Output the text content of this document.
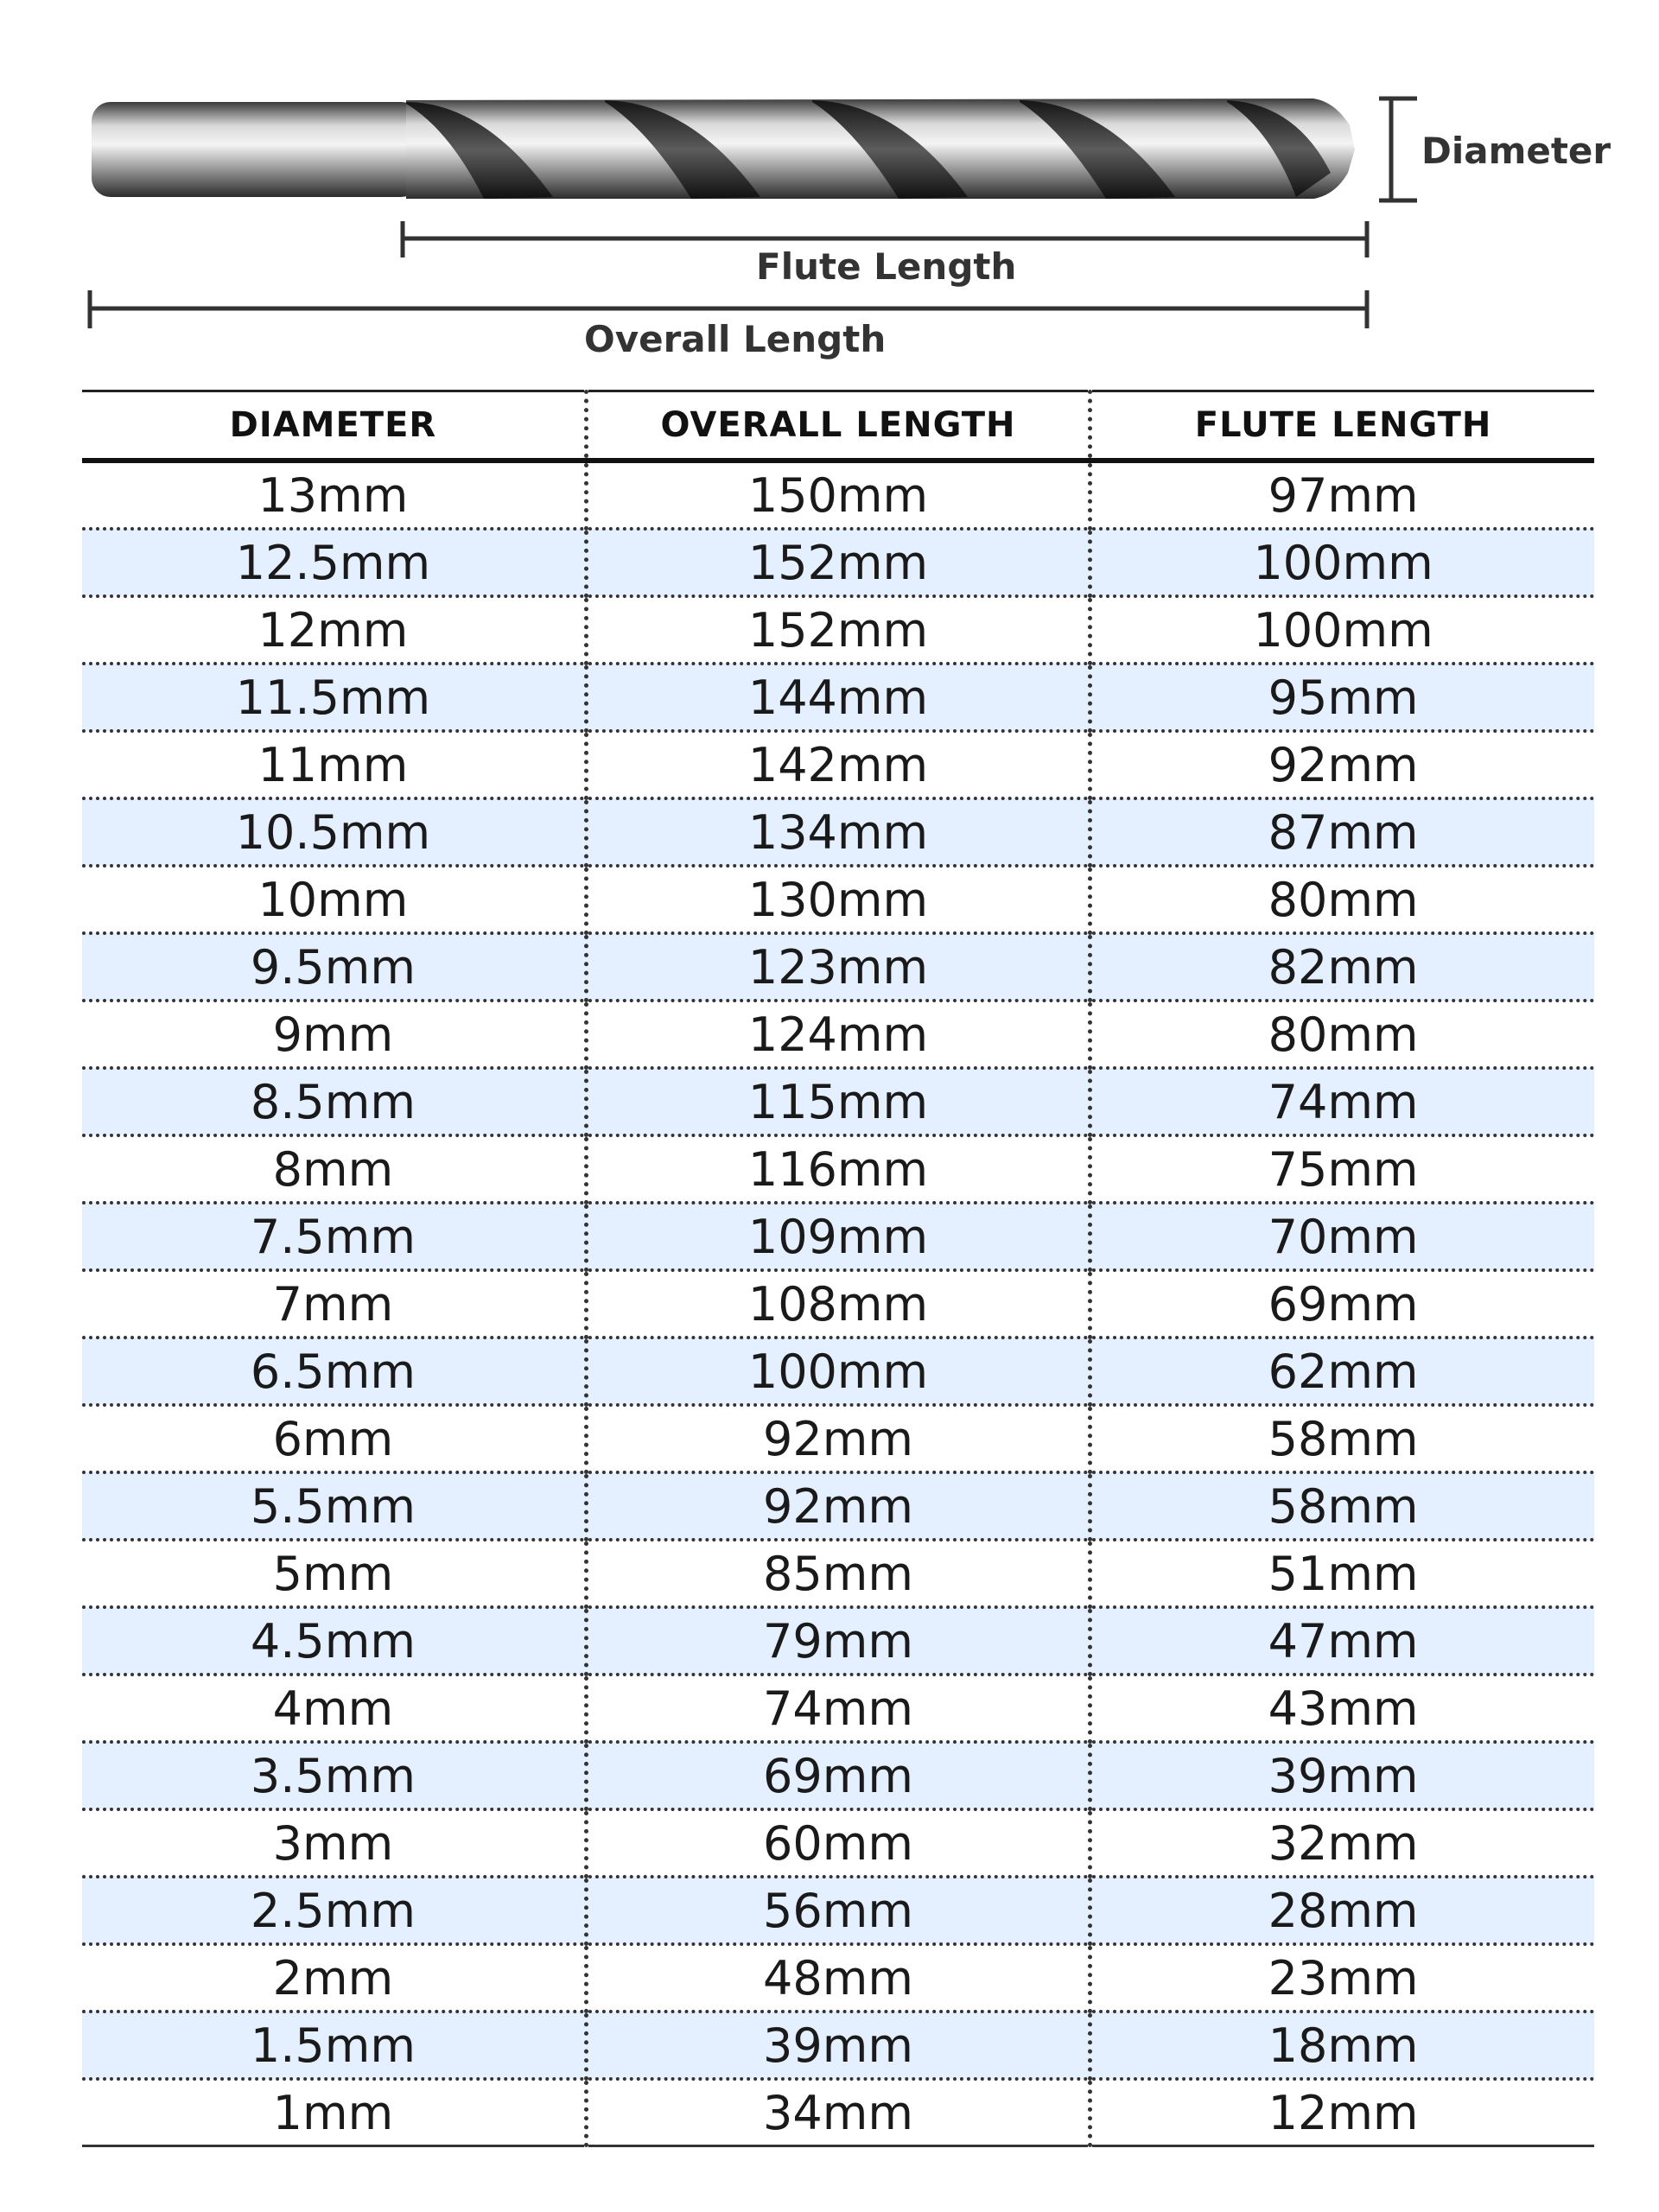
Diameter
Flute Length
Overall Length
DIAMETER	OVERALL LENGTH	FLUTE LENGTH
13mm	150mm	97mm
12.5mm	152mm	100mm
12mm	152mm	100mm
11.5mm	144mm	95mm
11mm	142mm	92mm
10.5mm	134mm	87mm
10mm	130mm	80mm
9.5mm	123mm	82mm
9mm	124mm	80mm
8.5mm	115mm	74mm
8mm	116mm	75mm
7.5mm	109mm	70mm
7mm	108mm	69mm
6.5mm	100mm	62mm
6mm	92mm	58mm
5.5mm	92mm	58mm
5mm	85mm	51mm
4.5mm	79mm	47mm
4mm	74mm	43mm
3.5mm	69mm	39mm
3mm	60mm	32mm
2.5mm	56mm	28mm
2mm	48mm	23mm
1.5mm	39mm	18mm
1mm	34mm	12mm
